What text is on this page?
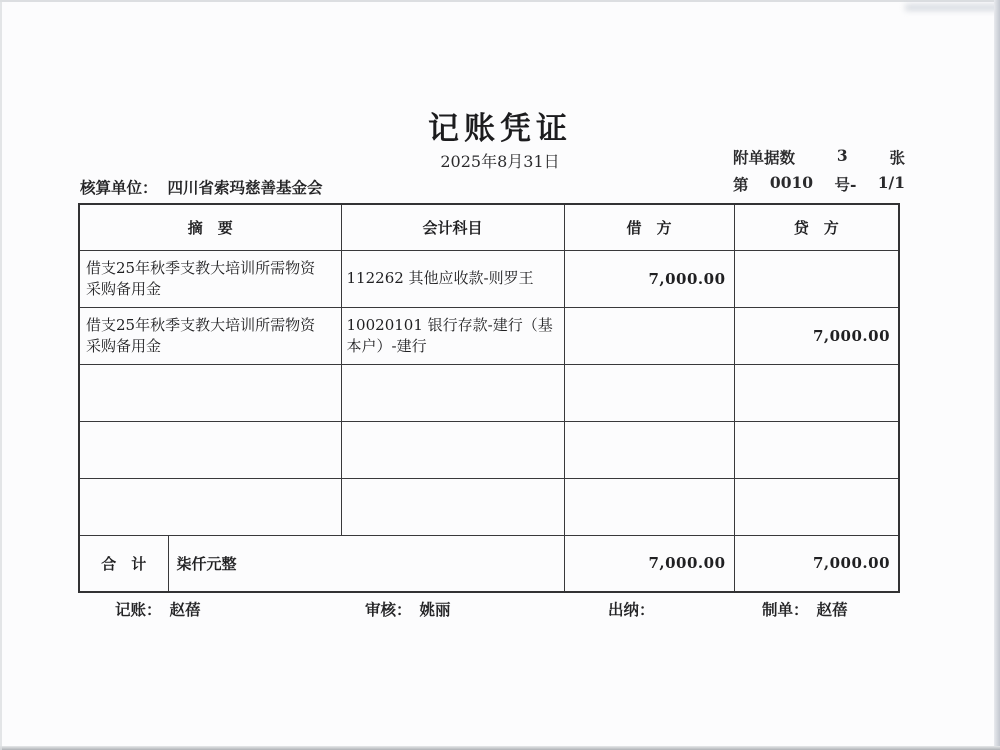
记账凭证
2025年8月31日	附单据数	3	张
第 0010 号- 1/1
核算单位： 四川省索玛慈善基金会
摘　要		会计科目	借　方	贷　方
借支25年秋季支教大培训所需物资采购备用金		112262 其他应收款-则罗王	7,000.00	
借支25年秋季支教大培训所需物资采购备用金		10020101 银行存款-建行（基本户）-建行		7,000.00

合　计	柒仟元整		7,000.00	7,000.00
记账： 赵蓓	审核： 姚丽	出纳：	制单： 赵蓓
